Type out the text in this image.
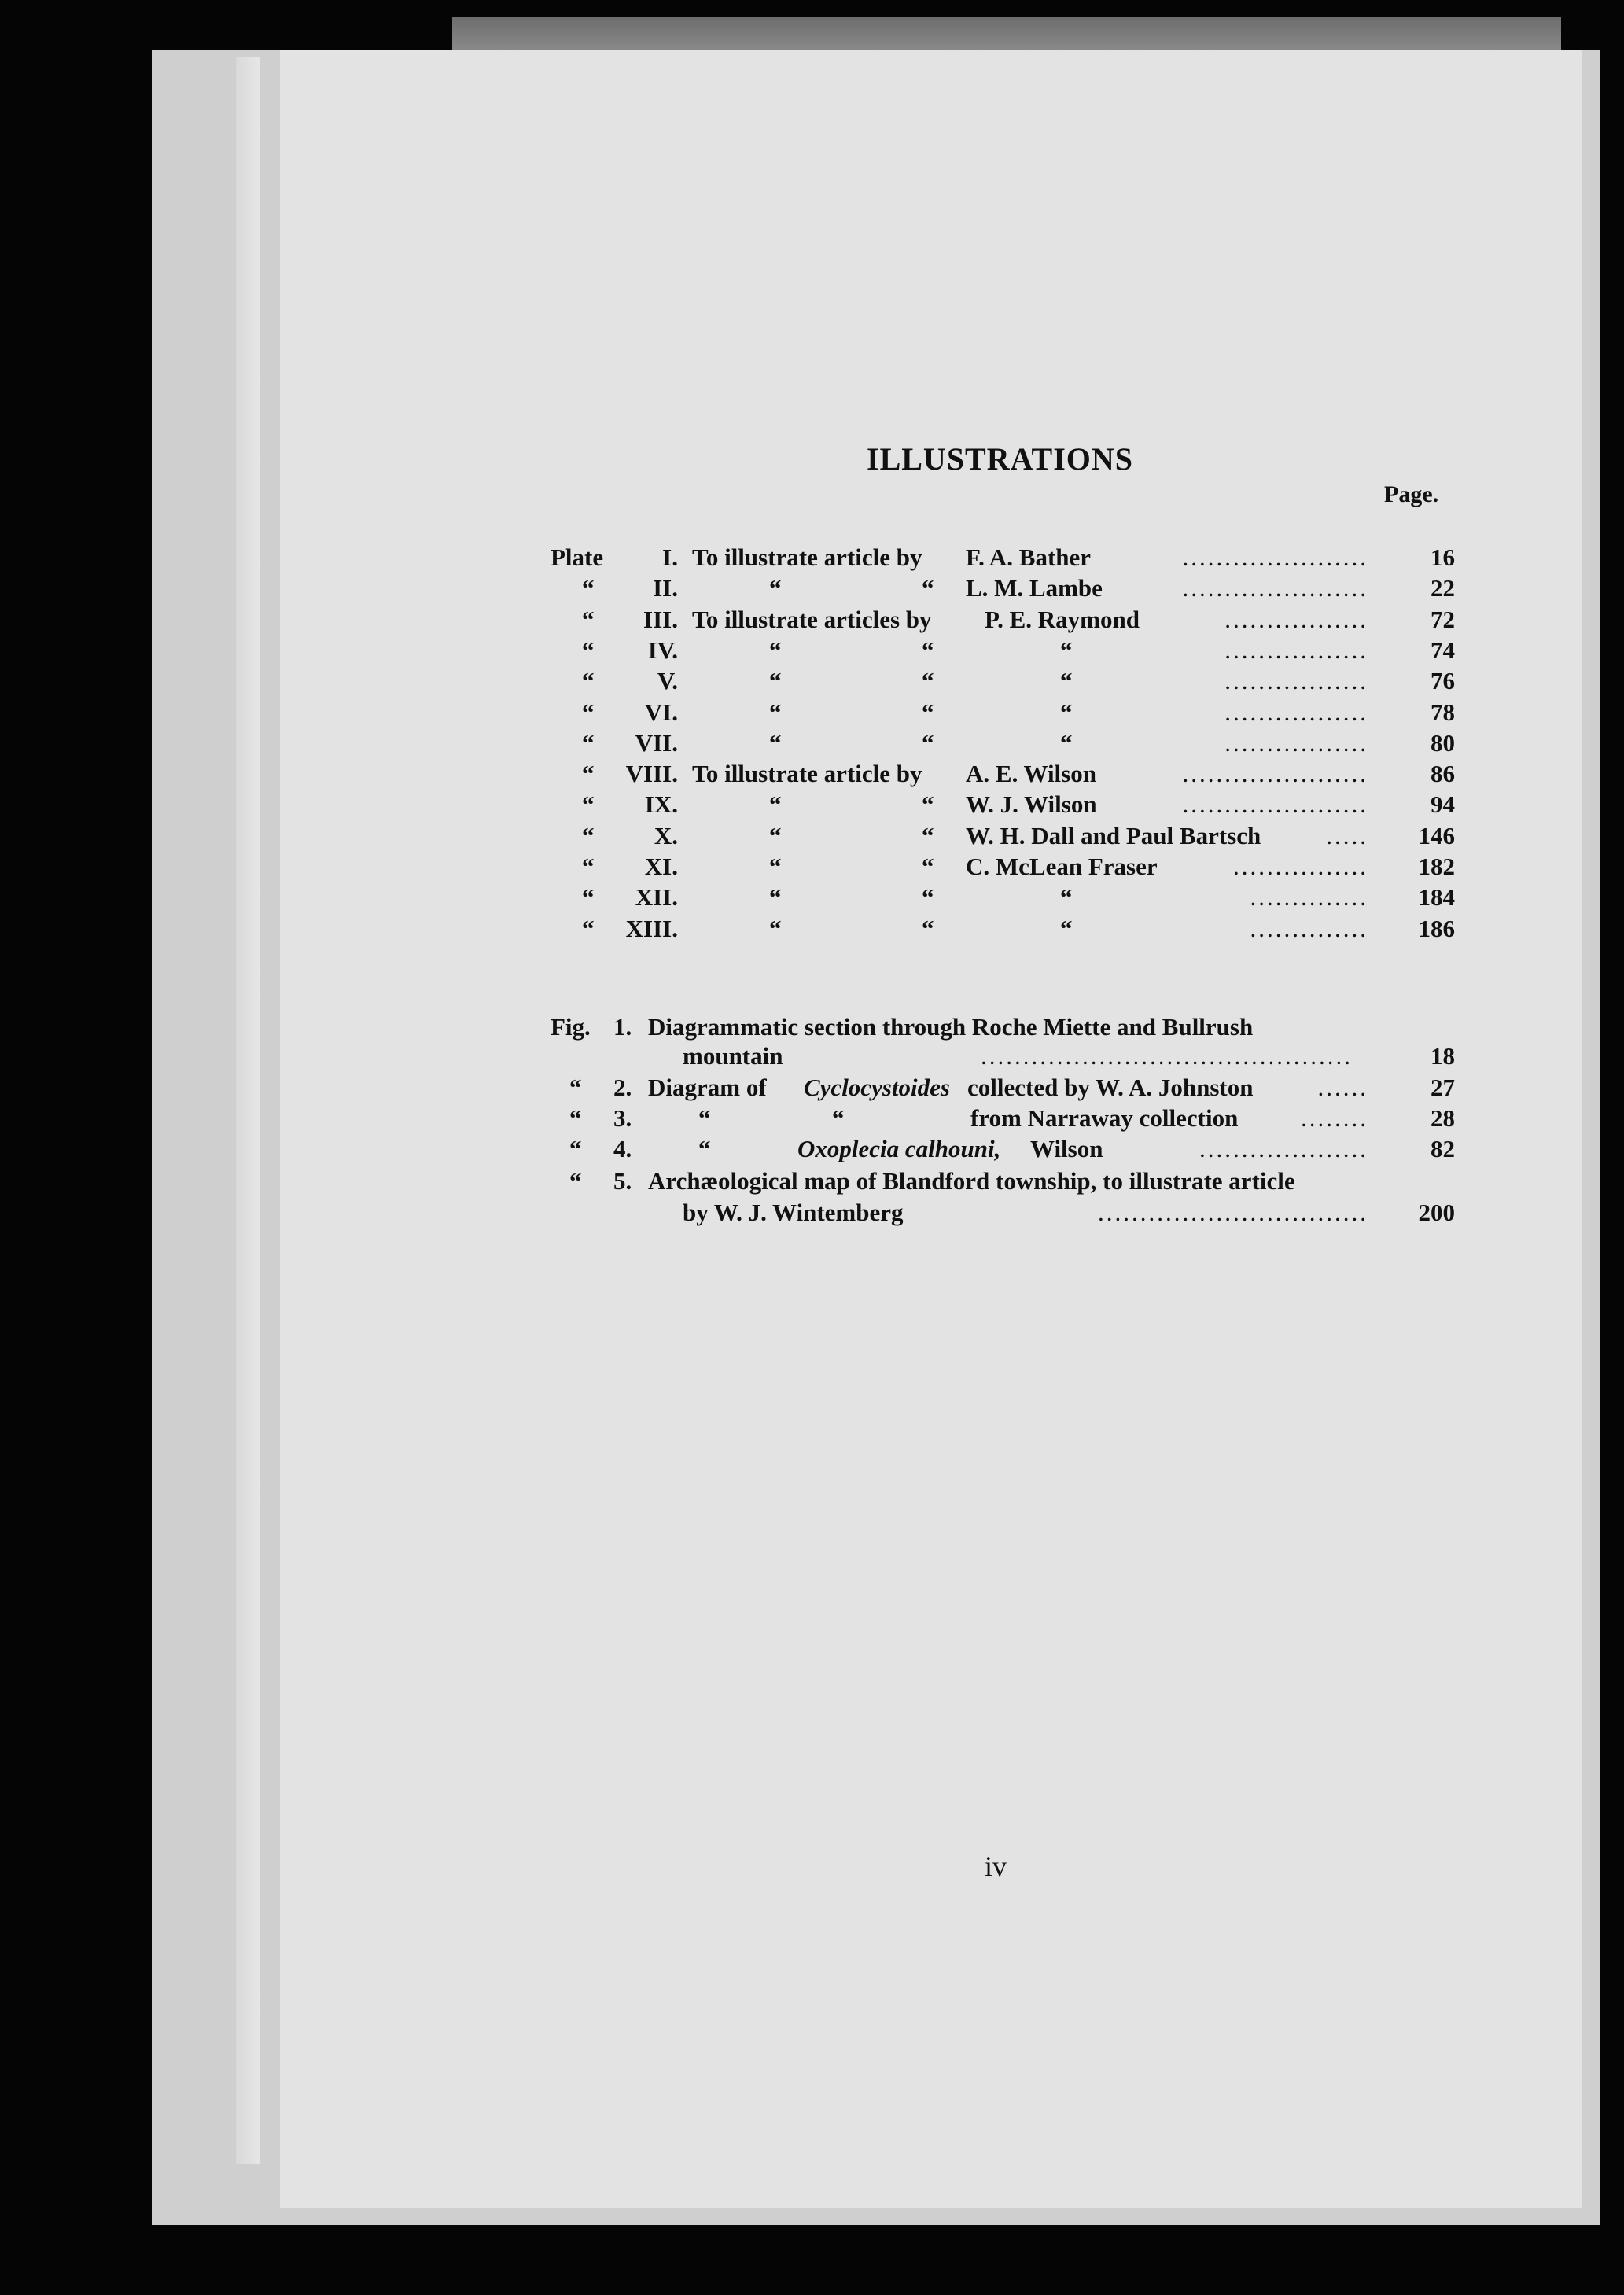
ILLUSTRATIONS
Page.
Plate	I. To illustrate article by F. A. Bather	......................	16
“	II.	“	“ L. M. Lambe	......................	22
“	III. To illustrate articles by P. E. Raymond	.................	72
“	IV.	“	“	“	.................	74
“	V.	“	“	“	.................	76
“	VI.	“	“	“	.................	78
“	VII.	“	“	“	.................	80
“	VIII. To illustrate article by A. E. Wilson	......................	86
“	IX.	“	“ W. J. Wilson	......................	94
“	X.	“	“ W. H. Dall and Paul Bartsch	.....	146
“	XI.	“	“ C. McLean Fraser	................	182
“	XII.	“	“	“	..............	184
“	XIII.	“	“	“	..............	186
Fig. 1. Diagrammatic section through Roche Miette and Bullrush
mountain	............................................	18
“ 2. Diagram of Cyclocystoides collected by W. A. Johnston	......	27
“ 3.	“	“	from Narraway collection	........	28
“ 4.	“	Oxoplecia calhouni, Wilson	....................	82
“ 5. Archæological map of Blandford township, to illustrate article
by W. J. Wintemberg	................................	200
iv
